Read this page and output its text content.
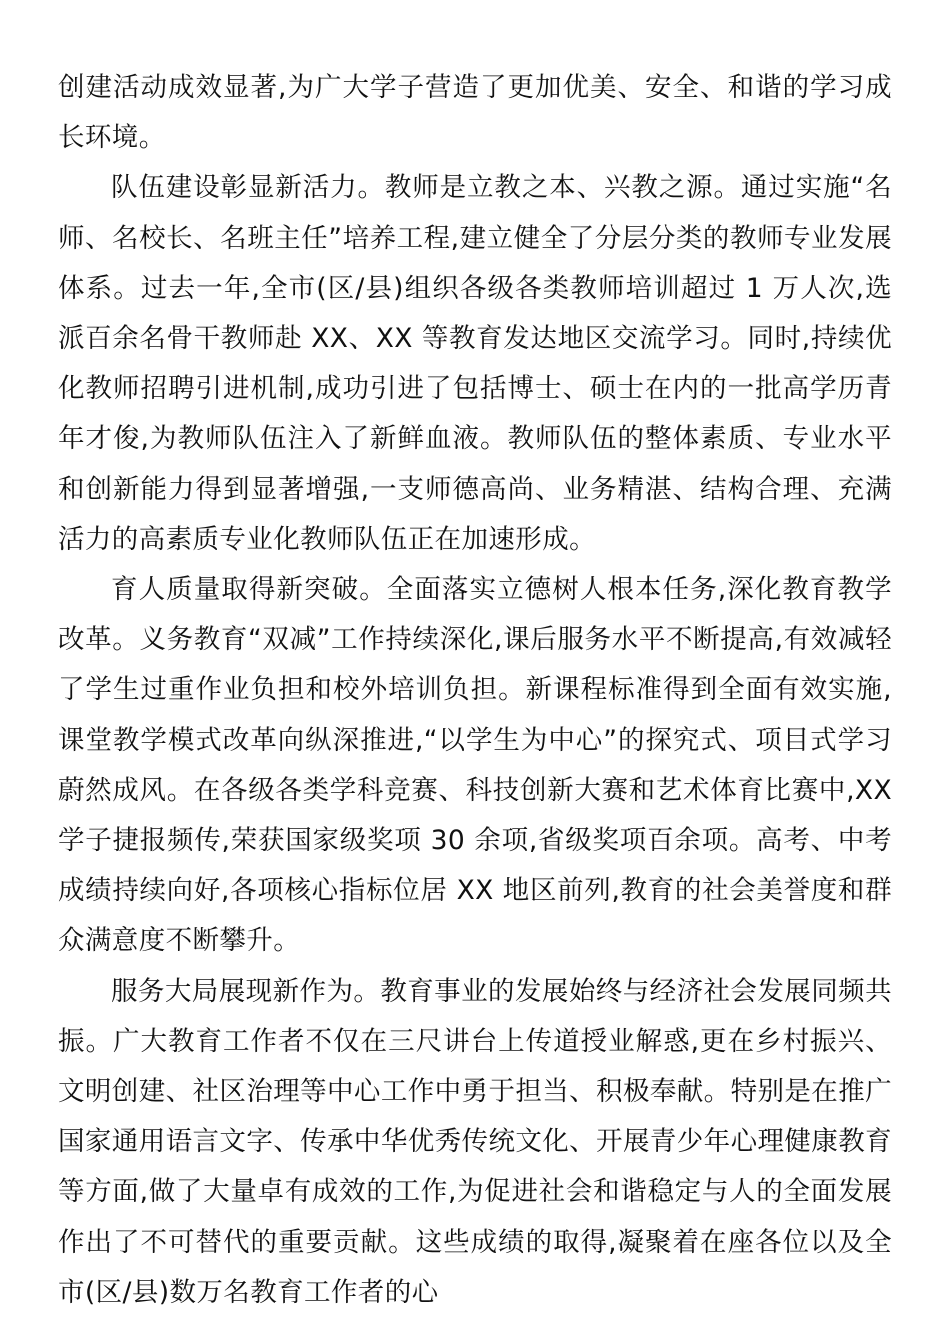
创建活动成效显著,为广大学子营造了更加优美、安全、和谐的学习成长环境。

队伍建设彰显新活力。教师是立教之本、兴教之源。通过实施“名师、名校长、名班主任”培养工程,建立健全了分层分类的教师专业发展体系。过去一年,全市(区/县)组织各级各类教师培训超过 1 万人次,选派百余名骨干教师赴 XX、XX 等教育发达地区交流学习。同时,持续优化教师招聘引进机制,成功引进了包括博士、硕士在内的一批高学历青年才俊,为教师队伍注入了新鲜血液。教师队伍的整体素质、专业水平和创新能力得到显著增强,一支师德高尚、业务精湛、结构合理、充满活力的高素质专业化教师队伍正在加速形成。

育人质量取得新突破。全面落实立德树人根本任务,深化教育教学改革。义务教育“双减”工作持续深化,课后服务水平不断提高,有效减轻了学生过重作业负担和校外培训负担。新课程标准得到全面有效实施,课堂教学模式改革向纵深推进,“以学生为中心”的探究式、项目式学习蔚然成风。在各级各类学科竞赛、科技创新大赛和艺术体育比赛中,XX 学子捷报频传,荣获国家级奖项 30 余项,省级奖项百余项。高考、中考成绩持续向好,各项核心指标位居 XX 地区前列,教育的社会美誉度和群众满意度不断攀升。

服务大局展现新作为。教育事业的发展始终与经济社会发展同频共振。广大教育工作者不仅在三尺讲台上传道授业解惑,更在乡村振兴、文明创建、社区治理等中心工作中勇于担当、积极奉献。特别是在推广国家通用语言文字、传承中华优秀传统文化、开展青少年心理健康教育等方面,做了大量卓有成效的工作,为促进社会和谐稳定与人的全面发展作出了不可替代的重要贡献。这些成绩的取得,凝聚着在座各位以及全市(区/县)数万名教育工作者的心
